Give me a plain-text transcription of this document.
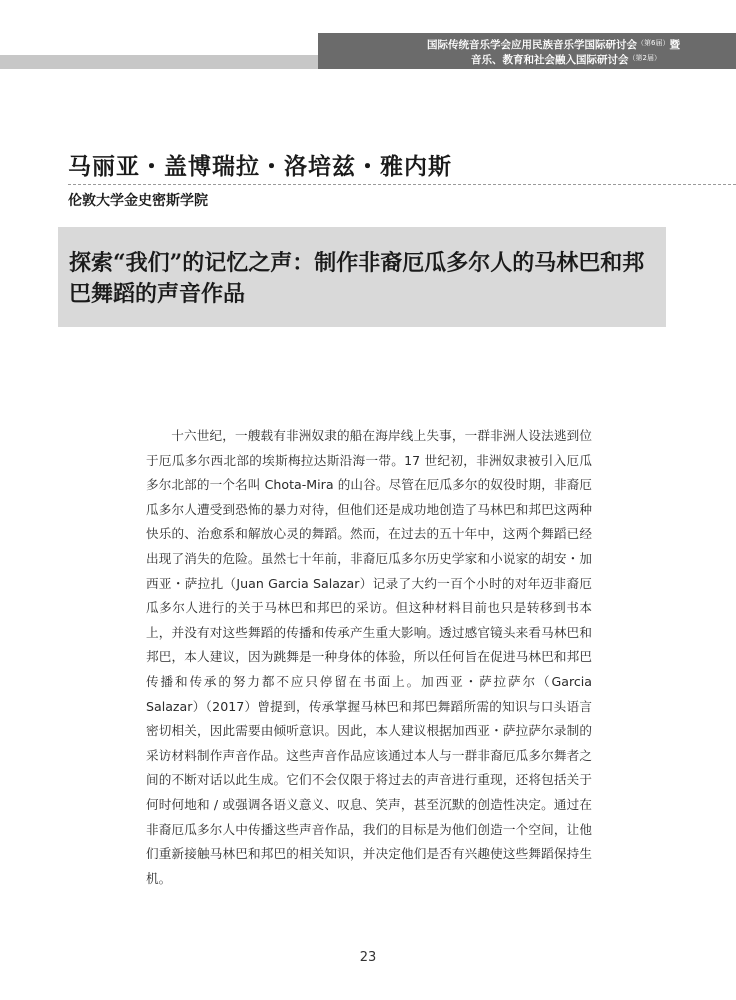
国际传统音乐学会应用民族音乐学国际研讨会$^{(第6届)}$暨
音乐、教育和社会融入国际研讨会$^{(第2届)}$
马丽亚・盖博瑞拉・洛培兹・雅内斯
伦敦大学金史密斯学院
探索“我们”的记忆之声：制作非裔厄瓜多尔人的马林巴和邦巴舞蹈的声音作品
十六世纪，一艘载有非洲奴隶的船在海岸线上失事，一群非洲人设法逃到位于厄瓜多尔西北部的埃斯梅拉达斯沿海一带。17 世纪初，非洲奴隶被引入厄瓜多尔北部的一个名叫 Chota-Mira 的山谷。尽管在厄瓜多尔的奴役时期，非裔厄瓜多尔人遭受到恐怖的暴力对待，但他们还是成功地创造了马林巴和邦巴这两种快乐的、治愈系和解放心灵的舞蹈。然而，在过去的五十年中，这两个舞蹈已经出现了消失的危险。虽然七十年前，非裔厄瓜多尔历史学家和小说家的胡安・加西亚・萨拉扎（Juan Garcia Salazar）记录了大约一百个小时的对年迈非裔厄瓜多尔人进行的关于马林巴和邦巴的采访。但这种材料目前也只是转移到书本上，并没有对这些舞蹈的传播和传承产生重大影响。透过感官镜头来看马林巴和邦巴，本人建议，因为跳舞是一种身体的体验，所以任何旨在促进马林巴和邦巴传播和传承的努力都不应只停留在书面上。加西亚・萨拉萨尔（Garcia Salazar）（2017）曾提到，传承掌握马林巴和邦巴舞蹈所需的知识与口头语言密切相关，因此需要由倾听意识。因此，本人建议根据加西亚・萨拉萨尔录制的采访材料制作声音作品。这些声音作品应该通过本人与一群非裔厄瓜多尔舞者之间的不断对话以此生成。它们不会仅限于将过去的声音进行重现，还将包括关于何时何地和 / 或强调各语义意义、叹息、笑声，甚至沉默的创造性决定。通过在非裔厄瓜多尔人中传播这些声音作品，我们的目标是为他们创造一个空间，让他们重新接触马林巴和邦巴的相关知识，并决定他们是否有兴趣使这些舞蹈保持生机。
23
